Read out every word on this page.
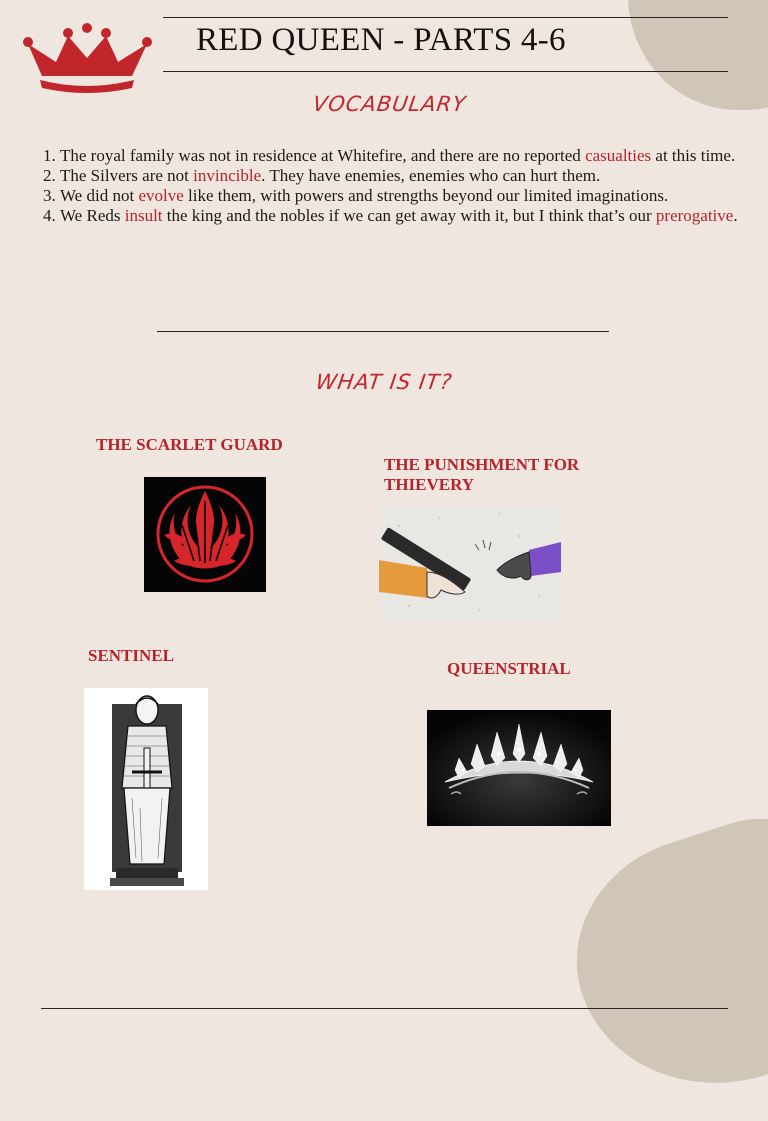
RED QUEEN - PARTS 4-6
VOCABULARY
1. The royal family was not in residence at Whitefire, and there are no reported casualties at this time.
2. The Silvers are not invincible. They have enemies, enemies who can hurt them.
3. We did not evolve like them, with powers and strengths beyond our limited imaginations.
4. We Reds insult the king and the nobles if we can get away with it, but I think that’s our prerogative.
WHAT IS IT?

THE SCARLET GUARD

THE PUNISHMENT FOR THIEVERY

SENTINEL

QUEENSTRIAL
